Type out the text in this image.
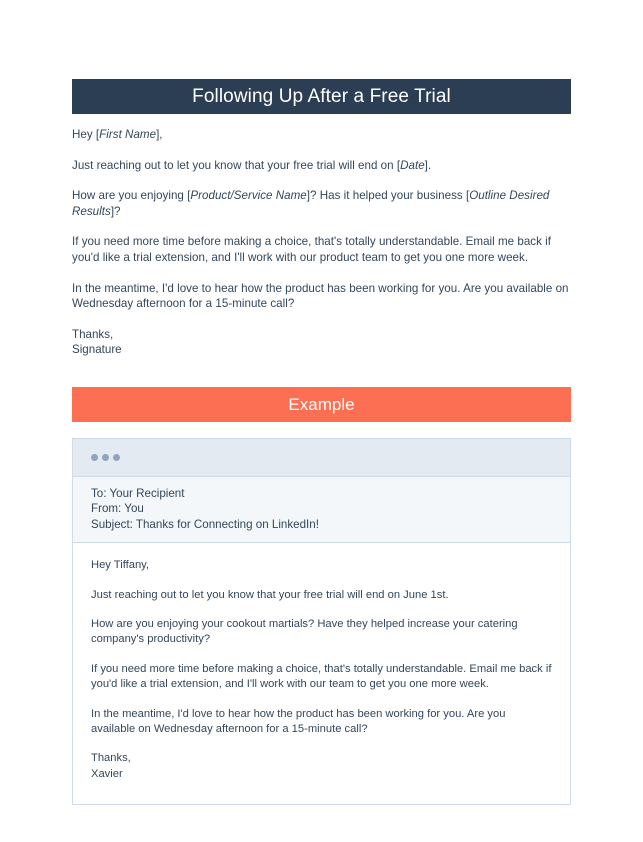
Following Up After a Free Trial

Hey [First Name],

Just reaching out to let you know that your free trial will end on [Date].

How are you enjoying [Product/Service Name]? Has it helped your business [Outline Desired Results]?

If you need more time before making a choice, that's totally understandable. Email me back if you'd like a trial extension, and I'll work with our product team to get you one more week.

In the meantime, I'd love to hear how the product has been working for you. Are you available on Wednesday afternoon for a 15-minute call?

Thanks,

Signature

Example

To: Your Recipient

From: You

Subject: Thanks for Connecting on LinkedIn!

Hey Tiffany,

Just reaching out to let you know that your free trial will end on June 1st.

How are you enjoying your cookout martials? Have they helped increase your catering company's productivity?

If you need more time before making a choice, that's totally understandable. Email me back if you'd like a trial extension, and I'll work with our team to get you one more week.

In the meantime, I'd love to hear how the product has been working for you. Are you available on Wednesday afternoon for a 15-minute call?

Thanks,

Xavier
